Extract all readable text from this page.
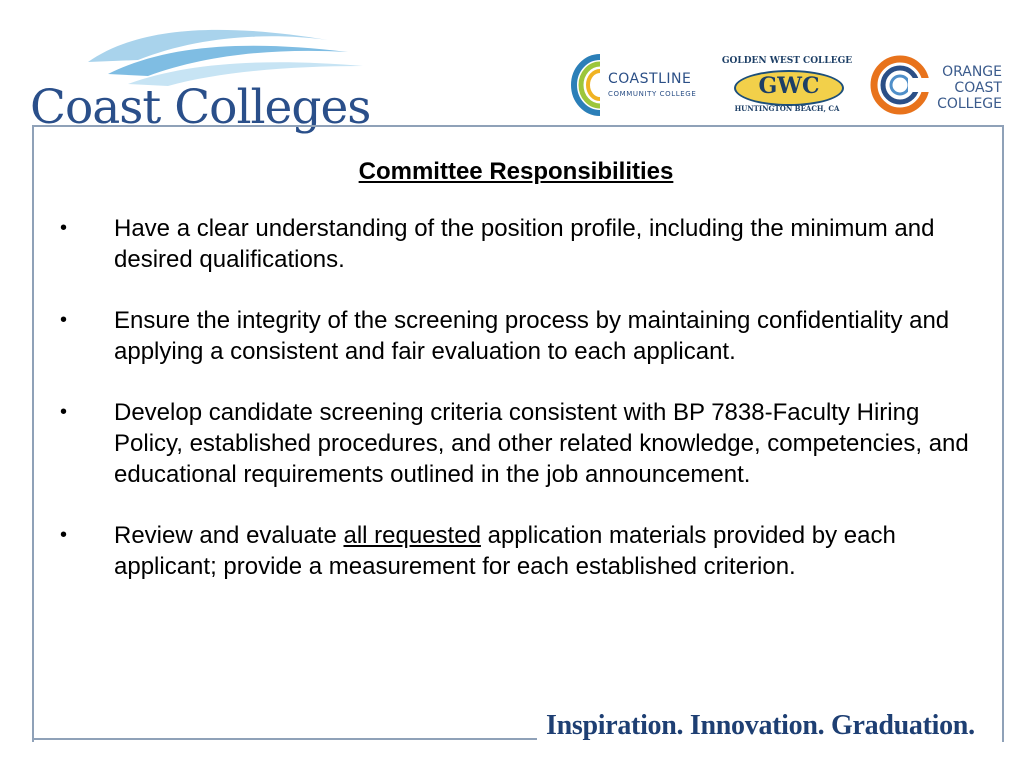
Coast Colleges
COASTLINE
COMMUNITY COLLEGE
GOLDEN WEST COLLEGE
GWC
HUNTINGTON BEACH, CA
ORANGE
COAST
COLLEGE
Committee Responsibilities
• Have a clear understanding of the position profile, including the minimum and desired qualifications.
• Ensure the integrity of the screening process by maintaining confidentiality and applying a consistent and fair evaluation to each applicant.
• Develop candidate screening criteria consistent with BP 7838-Faculty Hiring Policy, established procedures, and other related knowledge, competencies, and educational requirements outlined in the job announcement.
• Review and evaluate all requested application materials provided by each applicant; provide a measurement for each established criterion.
Inspiration. Innovation. Graduation.
